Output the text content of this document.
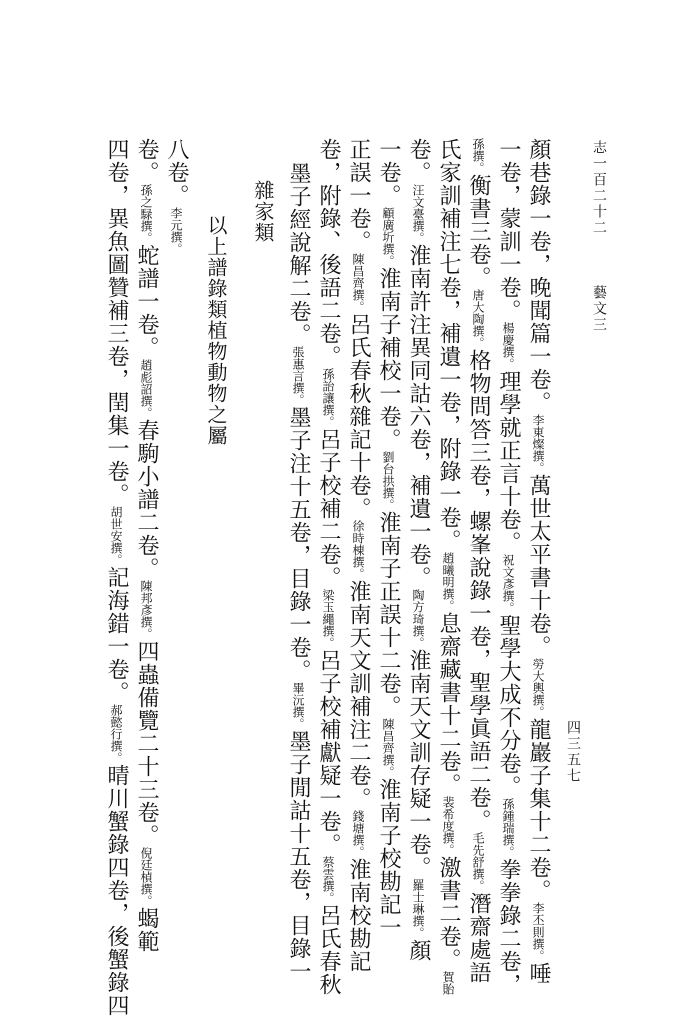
四卷，異魚圖贊補三卷，閏集一卷。胡世安撰。記海錯一卷。郝懿行撰。晴川蟹錄四卷，後蟹錄四
卷。孫之騄撰。蛇譜一卷。趙彪詔撰。春駒小譜二卷。陳邦彥撰。四蟲備覽二十三卷。倪廷楨撰。蝎範
八卷。李元撰。	以上譜錄類植物動物之屬
雜家類 墨子經說解二卷。張惠言撰。墨子注十五卷，目錄一卷。畢沅撰。墨子閒詁十五卷，目錄一
卷，附錄、後語二卷。孫詒讓撰。呂子校補二卷。梁玉繩撰。呂子校補獻疑一卷。蔡雲撰。呂氏春秋
正誤一卷。陳昌齊撰。呂氏春秋雜記十卷。徐時棟撰。淮南天文訓補注二卷。錢塘撰。淮南校勘記
一卷。顧廣圻撰。淮南子補校一卷。劉台拱撰。淮南子正誤十二卷。陳昌齊撰。淮南子校勘記一
卷。汪文臺撰。淮南許注異同詁六卷，補遺一卷。陶方琦撰。淮南天文訓存疑一卷。羅士琳撰。顏
氏家訓補注七卷，補遺一卷，附錄一卷。趙曦明撰。息齋藏書十二卷。裴希度撰。激書二卷。賀貽
孫撰。衡書三卷。唐大陶撰。格物問答三卷，螺峯說錄一卷，聖學眞語二卷。毛先舒撰。潛齋處語
一卷，蒙訓一卷。楊慶撰。理學就正言十卷。祝文彥撰。聖學大成不分卷。孫鍾瑞撰。拳拳錄二卷，
顏巷錄一卷，晚聞篇一卷。李東燦撰。萬世太平書十卷。勞大輿撰。龍巖子集十二卷。李丕則撰。唾
四三五七
志一百二十二
藝文三
